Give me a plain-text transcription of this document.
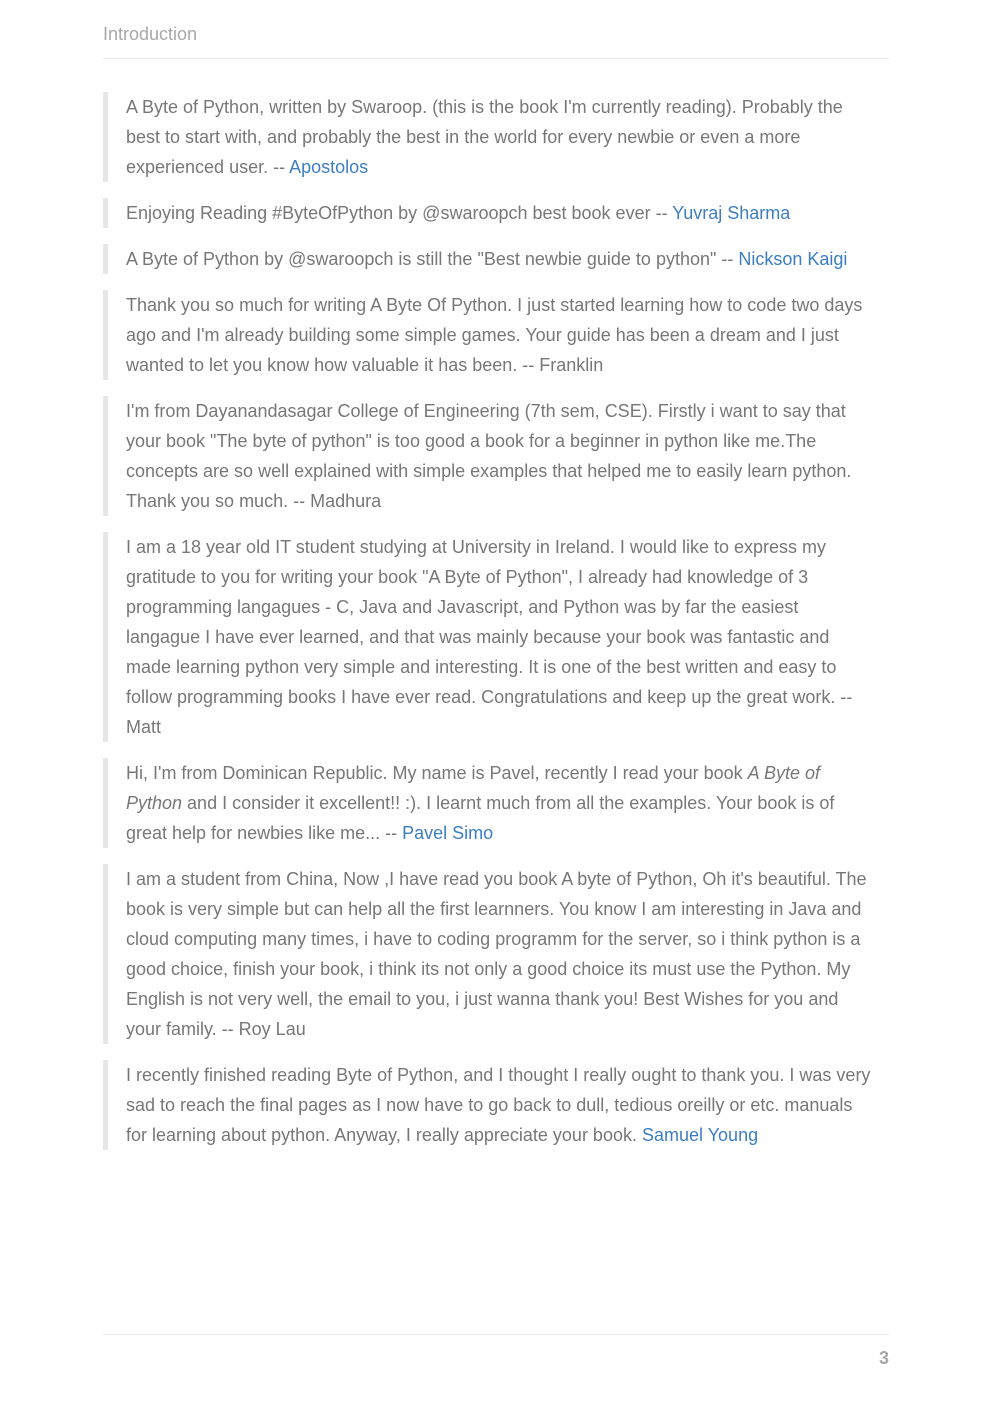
Introduction
A Byte of Python, written by Swaroop. (this is the book I'm currently reading). Probably the best to start with, and probably the best in the world for every newbie or even a more experienced user. -- Apostolos
Enjoying Reading #ByteOfPython by @swaroopch best book ever -- Yuvraj Sharma
A Byte of Python by @swaroopch is still the "Best newbie guide to python" -- Nickson Kaigi
Thank you so much for writing A Byte Of Python. I just started learning how to code two days ago and I'm already building some simple games. Your guide has been a dream and I just wanted to let you know how valuable it has been. -- Franklin
I'm from Dayanandasagar College of Engineering (7th sem, CSE). Firstly i want to say that your book "The byte of python" is too good a book for a beginner in python like me.The concepts are so well explained with simple examples that helped me to easily learn python. Thank you so much. -- Madhura
I am a 18 year old IT student studying at University in Ireland. I would like to express my gratitude to you for writing your book "A Byte of Python", I already had knowledge of 3 programming langagues - C, Java and Javascript, and Python was by far the easiest langague I have ever learned, and that was mainly because your book was fantastic and made learning python very simple and interesting. It is one of the best written and easy to follow programming books I have ever read. Congratulations and keep up the great work. -- Matt
Hi, I'm from Dominican Republic. My name is Pavel, recently I read your book A Byte of Python and I consider it excellent!! :). I learnt much from all the examples. Your book is of great help for newbies like me... -- Pavel Simo
I am a student from China, Now ,I have read you book A byte of Python, Oh it's beautiful. The book is very simple but can help all the first learnners. You know I am interesting in Java and cloud computing many times, i have to coding programm for the server, so i think python is a good choice, finish your book, i think its not only a good choice its must use the Python. My English is not very well, the email to you, i just wanna thank you! Best Wishes for you and your family. -- Roy Lau
I recently finished reading Byte of Python, and I thought I really ought to thank you. I was very sad to reach the final pages as I now have to go back to dull, tedious oreilly or etc. manuals for learning about python. Anyway, I really appreciate your book. Samuel Young
3
